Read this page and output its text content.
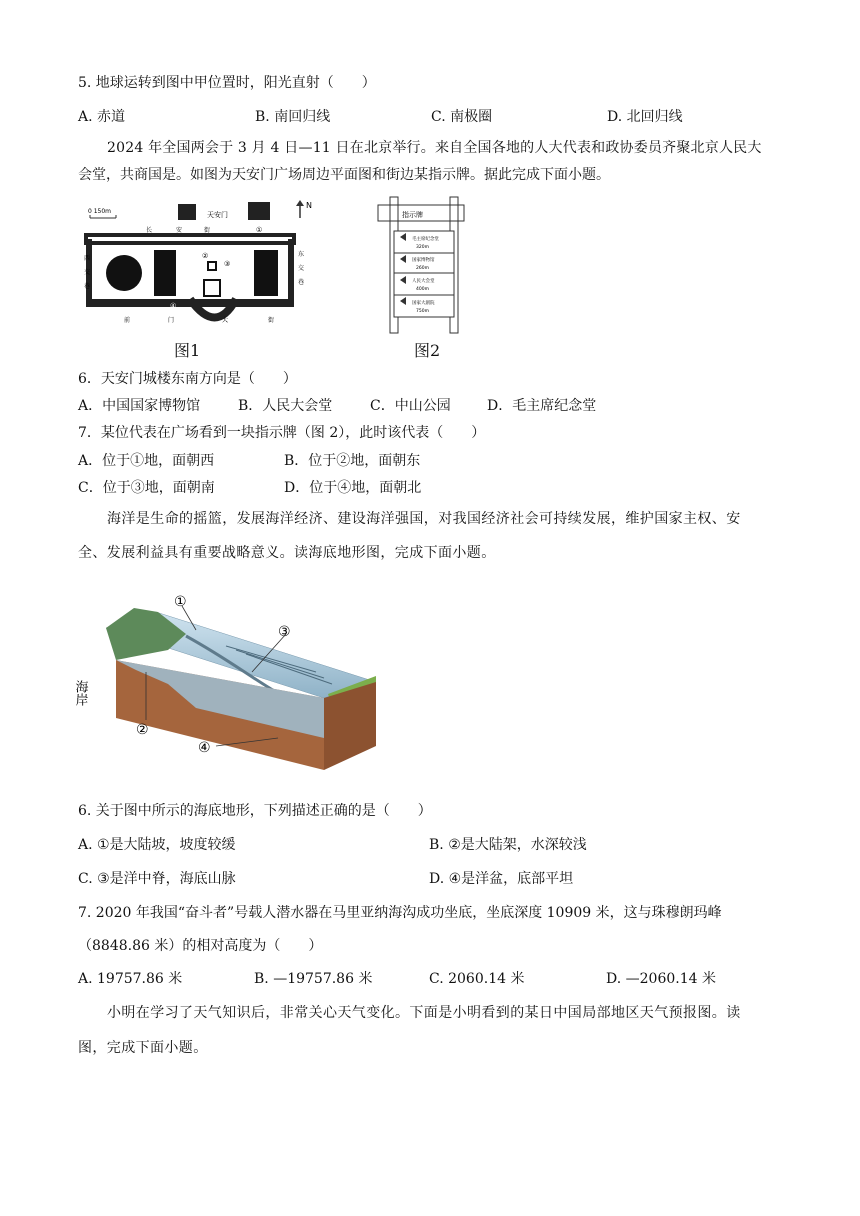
5. 地球运转到图中甲位置时，阳光直射（　　）
A. 赤道	B. 南回归线	C. 南极圈	D. 北回归线
2024 年全国两会于 3 月 4 日—11 日在北京举行。来自全国各地的人大代表和政协委员齐聚北京人民大
会堂，共商国是。如图为天安门广场周边平面图和街边某指示牌。据此完成下面小题。
0 150m
N
天安门
长	安	街	①
②
③
④
西
交
巷
东
交
巷
前	门	大	街
图1
指示牌
毛主席纪念堂
320m
国家博物馆
260m
人民大会堂
400m
国家大剧院
750m
图2
6．天安门城楼东南方向是（　　）
A．中国国家博物馆	B．人民大会堂	C．中山公园	D．毛主席纪念堂
7．某位代表在广场看到一块指示牌（图 2），此时该代表（　　）
A．位于①地，面朝西	B．位于②地，面朝东
C．位于③地，面朝南	D．位于④地，面朝北
海洋是生命的摇篮，发展海洋经济、建设海洋强国，对我国经济社会可持续发展，维护国家主权、安
全、发展利益具有重要战略意义。读海底地形图，完成下面小题。
①
③
②
④
海岸
6. 关于图中所示的海底地形，下列描述正确的是（　　）
A. ①是大陆坡，坡度较缓	B. ②是大陆架，水深较浅
C. ③是洋中脊，海底山脉	D. ④是洋盆，底部平坦
7. 2020 年我国“奋斗者”号载人潜水器在马里亚纳海沟成功坐底，坐底深度 10909 米，这与珠穆朗玛峰
（8848.86 米）的相对高度为（　　）
A. 19757.86 米	B. —19757.86 米	C. 2060.14 米	D. —2060.14 米
小明在学习了天气知识后，非常关心天气变化。下面是小明看到的某日中国局部地区天气预报图。读
图，完成下面小题。
